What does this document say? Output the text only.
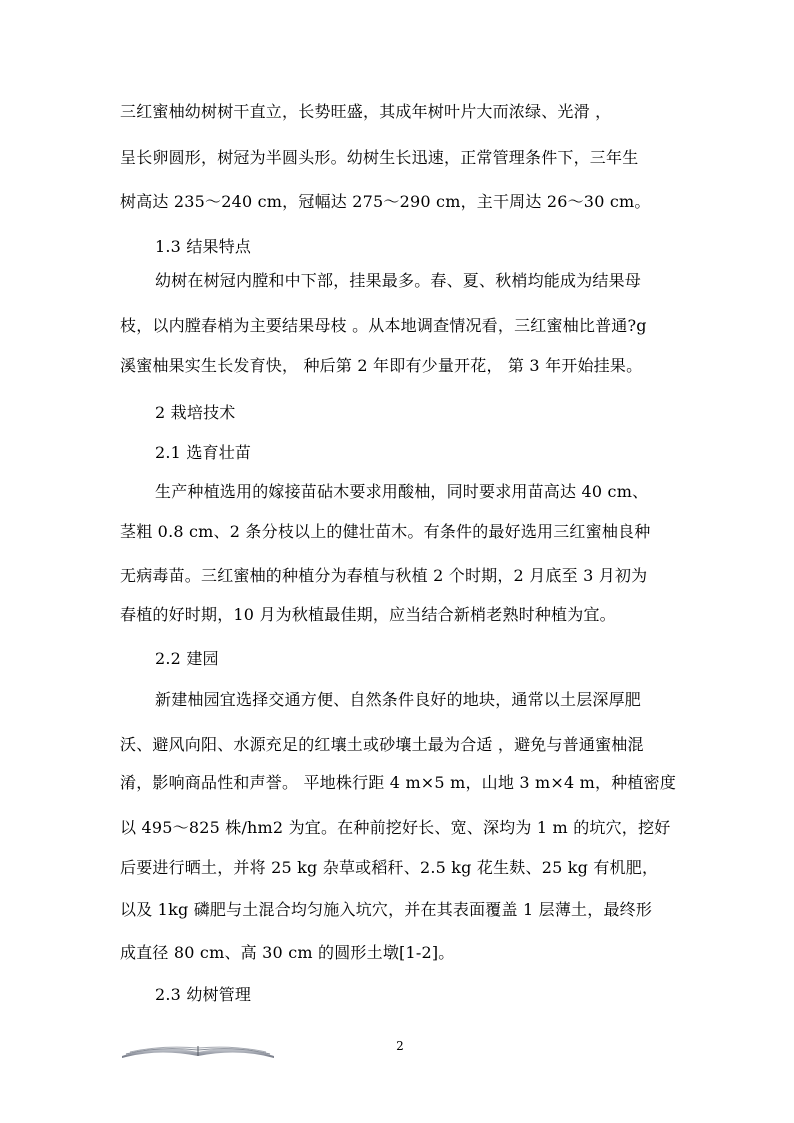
三红蜜柚幼树树干直立，长势旺盛，其成年树叶片大而浓绿、光滑 ，
呈长卵圆形，树冠为半圆头形。幼树生长迅速，正常管理条件下，三年生
树高达 235～240 cm，冠幅达 275～290 cm，主干周达 26～30 cm。
1.3 结果特点
幼树在树冠内膛和中下部，挂果最多。春、夏、秋梢均能成为结果母
枝，以内膛春梢为主要结果母枝 。从本地调查情况看，三红蜜柚比普通?g
溪蜜柚果实生长发育快， 种后第 2 年即有少量开花， 第 3 年开始挂果。
2 栽培技术
2.1 选育壮苗
生产种植选用的嫁接苗砧木要求用酸柚，同时要求用苗高达 40 cm、
茎粗 0.8 cm、2 条分枝以上的健壮苗木。有条件的最好选用三红蜜柚良种
无病毒苗。三红蜜柚的种植分为春植与秋植 2 个时期，2 月底至 3 月初为
春植的好时期，10 月为秋植最佳期，应当结合新梢老熟时种植为宜。
2.2 建园
新建柚园宜选择交通方便、自然条件良好的地块，通常以土层深厚肥
沃、避风向阳、水源充足的红壤土或砂壤土最为合适 ，避免与普通蜜柚混
淆，影响商品性和声誉。 平地株行距 4 m×5 m，山地 3 m×4 m，种植密度
以 495～825 株/hm2 为宜。在种前挖好长、宽、深均为 1 m 的坑穴，挖好
后要进行晒土，并将 25 kg 杂草或稻秆、2.5 kg 花生麸、25 kg 有机肥，
以及 1kg 磷肥与土混合均匀施入坑穴，并在其表面覆盖 1 层薄土，最终形
成直径 80 cm、高 30 cm 的圆形土墩[1-2]。
2.3 幼树管理
2
